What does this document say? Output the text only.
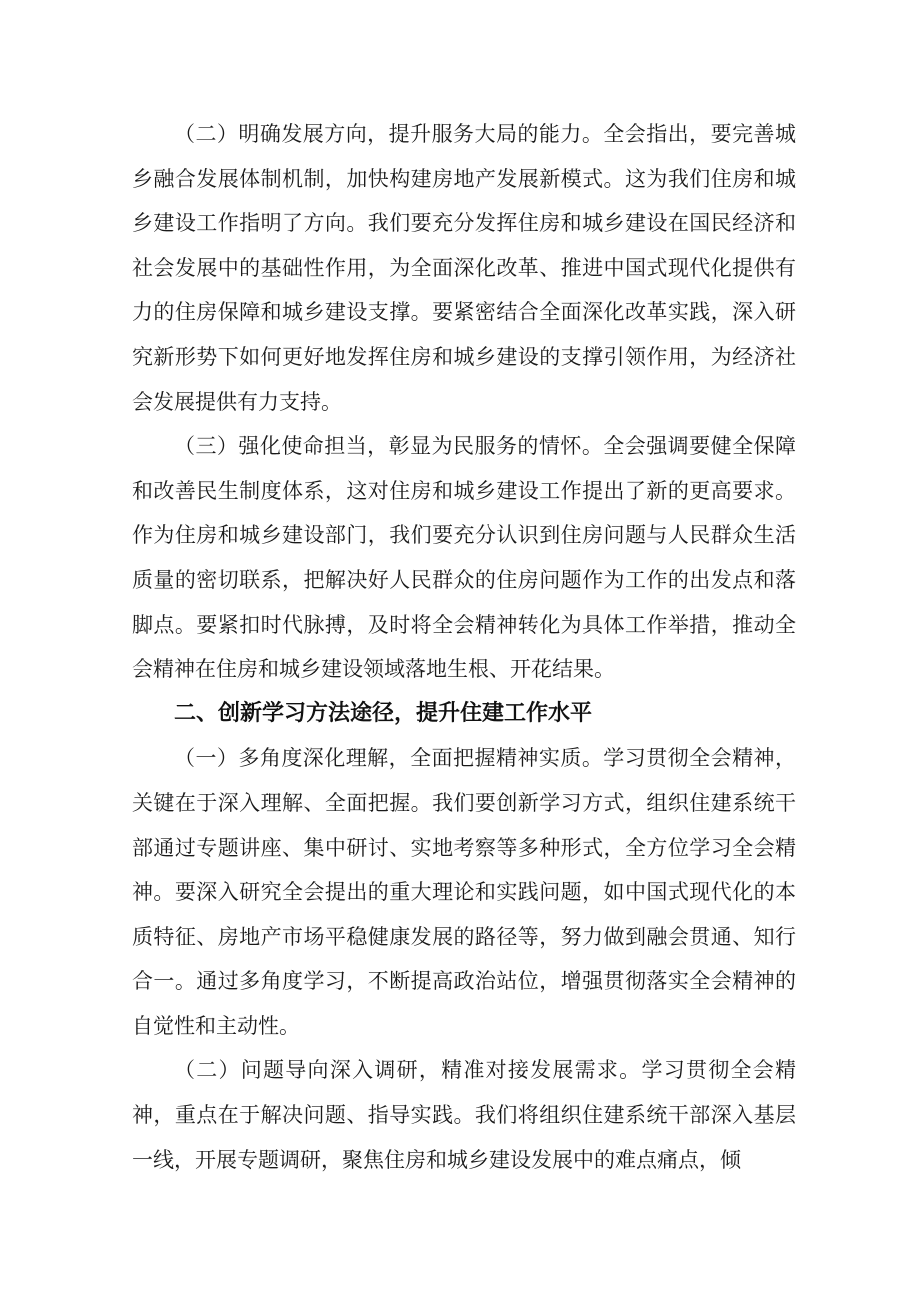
（二）明确发展方向，提升服务大局的能力。全会指出，要完善城乡融合发展体制机制，加快构建房地产发展新模式。这为我们住房和城乡建设工作指明了方向。我们要充分发挥住房和城乡建设在国民经济和社会发展中的基础性作用，为全面深化改革、推进中国式现代化提供有力的住房保障和城乡建设支撑。要紧密结合全面深化改革实践，深入研究新形势下如何更好地发挥住房和城乡建设的支撑引领作用，为经济社会发展提供有力支持。

（三）强化使命担当，彰显为民服务的情怀。全会强调要健全保障和改善民生制度体系，这对住房和城乡建设工作提出了新的更高要求。作为住房和城乡建设部门，我们要充分认识到住房问题与人民群众生活质量的密切联系，把解决好人民群众的住房问题作为工作的出发点和落脚点。要紧扣时代脉搏，及时将全会精神转化为具体工作举措，推动全会精神在住房和城乡建设领域落地生根、开花结果。

二、创新学习方法途径，提升住建工作水平

（一）多角度深化理解，全面把握精神实质。学习贯彻全会精神，关键在于深入理解、全面把握。我们要创新学习方式，组织住建系统干部通过专题讲座、集中研讨、实地考察等多种形式，全方位学习全会精神。要深入研究全会提出的重大理论和实践问题，如中国式现代化的本质特征、房地产市场平稳健康发展的路径等，努力做到融会贯通、知行合一。通过多角度学习，不断提高政治站位，增强贯彻落实全会精神的自觉性和主动性。

（二）问题导向深入调研，精准对接发展需求。学习贯彻全会精神，重点在于解决问题、指导实践。我们将组织住建系统干部深入基层一线，开展专题调研，聚焦住房和城乡建设发展中的难点痛点，倾
